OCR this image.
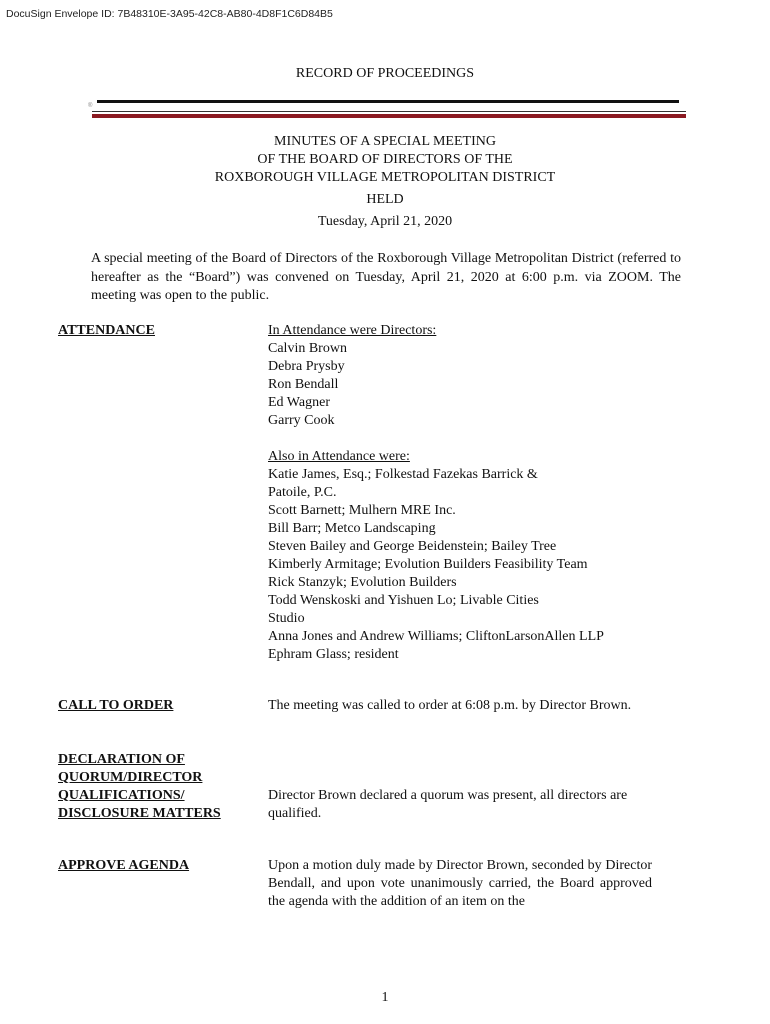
DocuSign Envelope ID: 7B48310E-3A95-42C8-AB80-4D8F1C6D84B5
RECORD OF PROCEEDINGS
®
MINUTES OF A SPECIAL MEETING
OF THE BOARD OF DIRECTORS OF THE
ROXBOROUGH VILLAGE METROPOLITAN DISTRICT
HELD
Tuesday, April 21, 2020
A special meeting of the Board of Directors of the Roxborough Village Metropolitan District (referred to hereafter as the “Board”) was convened on Tuesday, April 21, 2020 at 6:00 p.m. via ZOOM. The meeting was open to the public.
ATTENDANCE	In Attendance were Directors:
Calvin Brown
Debra Prysby
Ron Bendall
Ed Wagner
Garry Cook
Also in Attendance were:
Katie James, Esq.; Folkestad Fazekas Barrick &
Patoile, P.C.
Scott Barnett; Mulhern MRE Inc.
Bill Barr; Metco Landscaping
Steven Bailey and George Beidenstein; Bailey Tree
Kimberly Armitage; Evolution Builders Feasibility Team
Rick Stanzyk; Evolution Builders
Todd Wenskoski and Yishuen Lo; Livable Cities
Studio
Anna Jones and Andrew Williams; CliftonLarsonAllen LLP
Ephram Glass; resident
CALL TO ORDER	The meeting was called to order at 6:08 p.m. by Director Brown.
DECLARATION OF
QUORUM/DIRECTOR
QUALIFICATIONS/
DISCLOSURE MATTERS
Director Brown declared a quorum was present, all directors are qualified.
APPROVE AGENDA	Upon a motion duly made by Director Brown, seconded by Director Bendall, and upon vote unanimously carried, the Board approved the agenda with the addition of an item on the
1
